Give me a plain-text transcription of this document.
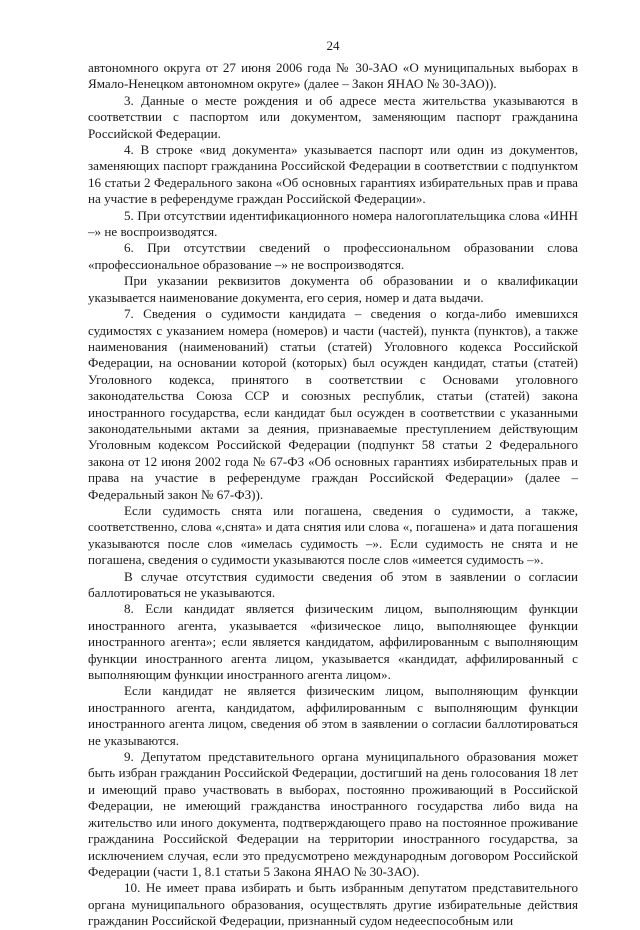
24

автономного округа от 27 июня 2006 года № 30-ЗАО «О муниципальных выборах в Ямало-Ненецком автономном округе» (далее – Закон ЯНАО № 30-ЗАО)).

3. Данные о месте рождения и об адресе места жительства указываются в соответствии с паспортом или документом, заменяющим паспорт гражданина Российской Федерации.

4. В строке «вид документа» указывается паспорт или один из документов, заменяющих паспорт гражданина Российской Федерации в соответствии с подпунктом 16 статьи 2 Федерального закона «Об основных гарантиях избирательных прав и права на участие в референдуме граждан Российской Федерации».

5. При отсутствии идентификационного номера налогоплательщика слова «ИНН –» не воспроизводятся.

6. При отсутствии сведений о профессиональном образовании слова «профессиональное образование –» не воспроизводятся.

При указании реквизитов документа об образовании и о квалификации указывается наименование документа, его серия, номер и дата выдачи.

7. Сведения о судимости кандидата – сведения о когда-либо имевшихся судимостях с указанием номера (номеров) и части (частей), пункта (пунктов), а также наименования (наименований) статьи (статей) Уголовного кодекса Российской Федерации, на основании которой (которых) был осужден кандидат, статьи (статей) Уголовного кодекса, принятого в соответствии с Основами уголовного законодательства Союза ССР и союзных республик, статьи (статей) закона иностранного государства, если кандидат был осужден в соответствии с указанными законодательными актами за деяния, признаваемые преступлением действующим Уголовным кодексом Российской Федерации (подпункт 58 статьи 2 Федерального закона от 12 июня 2002 года № 67-ФЗ «Об основных гарантиях избирательных прав и права на участие в референдуме граждан Российской Федерации» (далее – Федеральный закон № 67-ФЗ)).

Если судимость снята или погашена, сведения о судимости, а также, соответственно, слова «,снята» и дата снятия или слова «, погашена» и дата погашения указываются после слов «имелась судимость –». Если судимость не снята и не погашена, сведения о судимости указываются после слов «имеется судимость –».

В случае отсутствия судимости сведения об этом в заявлении о согласии баллотироваться не указываются.

8. Если кандидат является физическим лицом, выполняющим функции иностранного агента, указывается «физическое лицо, выполняющее функции иностранного агента»; если является кандидатом, аффилированным с выполняющим функции иностранного агента лицом, указывается «кандидат, аффилированный с выполняющим функции иностранного агента лицом».

Если кандидат не является физическим лицом, выполняющим функции иностранного агента, кандидатом, аффилированным с выполняющим функции иностранного агента лицом, сведения об этом в заявлении о согласии баллотироваться не указываются.

9. Депутатом представительного органа муниципального образования может быть избран гражданин Российской Федерации, достигший на день голосования 18 лет и имеющий право участвовать в выборах, постоянно проживающий в Российской Федерации, не имеющий гражданства иностранного государства либо вида на жительство или иного документа, подтверждающего право на постоянное проживание гражданина Российской Федерации на территории иностранного государства, за исключением случая, если это предусмотрено международным договором Российской Федерации (части 1, 8.1 статьи 5 Закона ЯНАО № 30-ЗАО).

10. Не имеет права избирать и быть избранным депутатом представительного органа муниципального образования, осуществлять другие избирательные действия гражданин Российской Федерации, признанный судом недееспособным или
